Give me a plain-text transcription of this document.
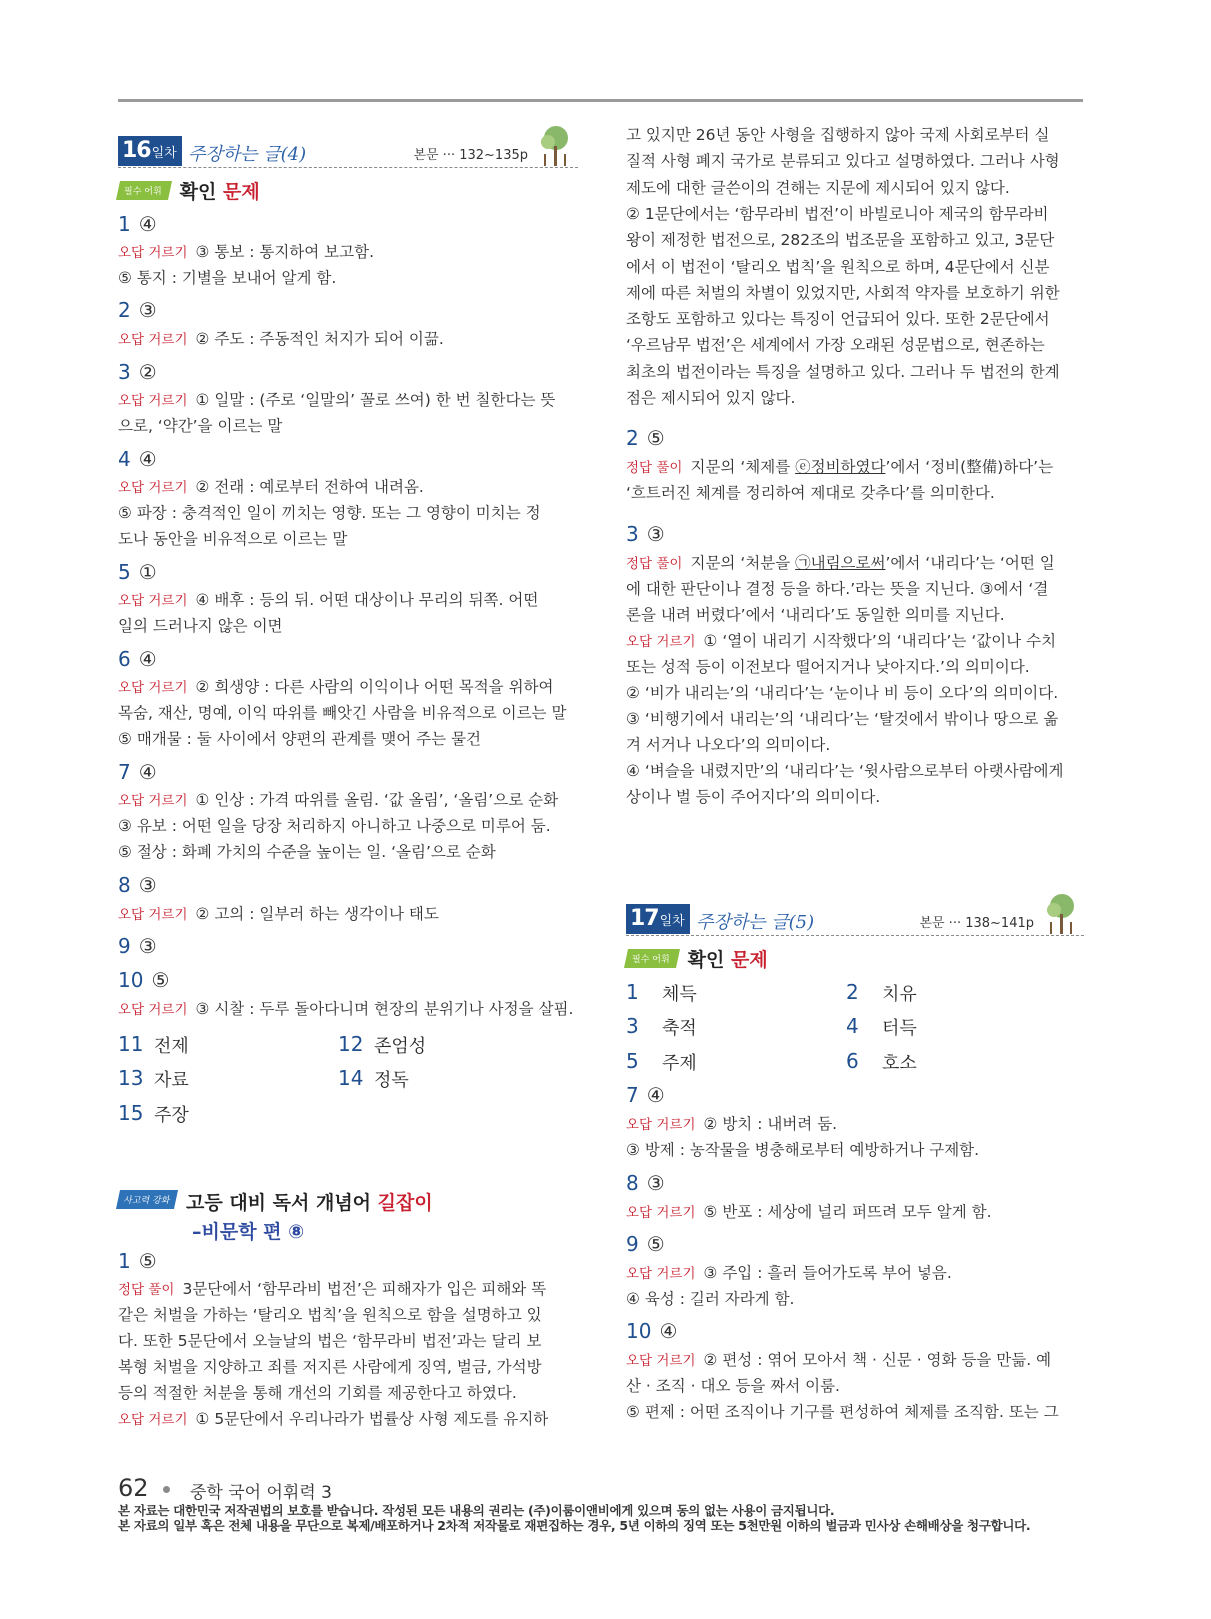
16 일차 주장하는 글(4)	본문 ··· 132~135p
필수 어휘 확인 문제
1 ④
오답 거르기 ③ 통보 : 통지하여 보고함.
⑤ 통지 : 기별을 보내어 알게 함.
2 ③
오답 거르기 ② 주도 : 주동적인 처지가 되어 이끎.
3 ②
오답 거르기 ① 일말 : (주로 ‘일말의’ 꼴로 쓰여) 한 번 칠한다는 뜻
으로, ‘약간’을 이르는 말
4 ④
오답 거르기 ② 전래 : 예로부터 전하여 내려옴.
⑤ 파장 : 충격적인 일이 끼치는 영향. 또는 그 영향이 미치는 정
도나 동안을 비유적으로 이르는 말
5 ①
오답 거르기 ④ 배후 : 등의 뒤. 어떤 대상이나 무리의 뒤쪽. 어떤
일의 드러나지 않은 이면
6 ④
오답 거르기 ② 희생양 : 다른 사람의 이익이나 어떤 목적을 위하여
목숨, 재산, 명예, 이익 따위를 빼앗긴 사람을 비유적으로 이르는 말
⑤ 매개물 : 둘 사이에서 양편의 관계를 맺어 주는 물건
7 ④
오답 거르기 ① 인상 : 가격 따위를 올림. ‘값 올림’, ‘올림’으로 순화
③ 유보 : 어떤 일을 당장 처리하지 아니하고 나중으로 미루어 둠.
⑤ 절상 : 화폐 가치의 수준을 높이는 일. ‘올림’으로 순화
8 ③
오답 거르기 ② 고의 : 일부러 하는 생각이나 태도
9 ③
10 ⑤
오답 거르기 ③ 시찰 : 두루 돌아다니며 현장의 분위기나 사정을 살핌.
11 전제	12 존엄성
13 자료	14 정독
15 주장
사고력 강화 고등 대비 독서 개념어 길잡이
–비문학 편 ⑧
1 ⑤
정답 풀이 3문단에서 ‘함무라비 법전’은 피해자가 입은 피해와 똑
같은 처벌을 가하는 ‘탈리오 법칙’을 원칙으로 함을 설명하고 있
다. 또한 5문단에서 오늘날의 법은 ‘함무라비 법전’과는 달리 보
복형 처벌을 지양하고 죄를 저지른 사람에게 징역, 벌금, 가석방
등의 적절한 처분을 통해 개선의 기회를 제공한다고 하였다.
오답 거르기 ① 5문단에서 우리나라가 법률상 사형 제도를 유지하
고 있지만 26년 동안 사형을 집행하지 않아 국제 사회로부터 실
질적 사형 폐지 국가로 분류되고 있다고 설명하였다. 그러나 사형
제도에 대한 글쓴이의 견해는 지문에 제시되어 있지 않다.
② 1문단에서는 ‘함무라비 법전’이 바빌로니아 제국의 함무라비
왕이 제정한 법전으로, 282조의 법조문을 포함하고 있고, 3문단
에서 이 법전이 ‘탈리오 법칙’을 원칙으로 하며, 4문단에서 신분
제에 따른 처벌의 차별이 있었지만, 사회적 약자를 보호하기 위한
조항도 포함하고 있다는 특징이 언급되어 있다. 또한 2문단에서
‘우르남무 법전’은 세계에서 가장 오래된 성문법으로, 현존하는
최초의 법전이라는 특징을 설명하고 있다. 그러나 두 법전의 한계
점은 제시되어 있지 않다.
2 ⑤
정답 풀이 지문의 ‘체제를 ⓔ정비하였다’에서 ‘정비(整備)하다’는
‘흐트러진 체계를 정리하여 제대로 갖추다’를 의미한다.
3 ③
정답 풀이 지문의 ‘처분을 ㉠내림으로써’에서 ‘내리다’는 ‘어떤 일
에 대한 판단이나 결정 등을 하다.’라는 뜻을 지닌다. ③에서 ‘결
론을 내려 버렸다’에서 ‘내리다’도 동일한 의미를 지닌다.
오답 거르기 ① ‘열이 내리기 시작했다’의 ‘내리다’는 ‘값이나 수치
또는 성적 등이 이전보다 떨어지거나 낮아지다.’의 의미이다.
② ‘비가 내리는’의 ‘내리다’는 ‘눈이나 비 등이 오다’의 의미이다.
③ ‘비행기에서 내리는’의 ‘내리다’는 ‘탈것에서 밖이나 땅으로 옮
겨 서거나 나오다’의 의미이다.
④ ‘벼슬을 내렸지만’의 ‘내리다’는 ‘윗사람으로부터 아랫사람에게
상이나 벌 등이 주어지다’의 의미이다.
17 일차 주장하는 글(5)	본문 ··· 138~141p
필수 어휘 확인 문제
1	체득	2	치유
3	축적	4	터득
5	주제	6	호소
7 ④
오답 거르기 ② 방치 : 내버려 둠.
③ 방제 : 농작물을 병충해로부터 예방하거나 구제함.
8 ③
오답 거르기 ⑤ 반포 : 세상에 널리 퍼뜨려 모두 알게 함.
9 ⑤
오답 거르기 ③ 주입 : 흘러 들어가도록 부어 넣음.
④ 육성 : 길러 자라게 함.
10 ④
오답 거르기 ② 편성 : 엮어 모아서 책 · 신문 · 영화 등을 만듦. 예
산 · 조직 · 대오 등을 짜서 이룸.
⑤ 편제 : 어떤 조직이나 기구를 편성하여 체제를 조직함. 또는 그
62 중학 국어 어휘력 3
본 자료는 대한민국 저작권법의 보호를 받습니다. 작성된 모든 내용의 권리는 (주)이룸이앤비에게 있으며 동의 없는 사용이 금지됩니다.
본 자료의 일부 혹은 전체 내용을 무단으로 복제/배포하거나 2차적 저작물로 재편집하는 경우, 5년 이하의 징역 또는 5천만원 이하의 벌금과 민사상 손해배상을 청구합니다.
